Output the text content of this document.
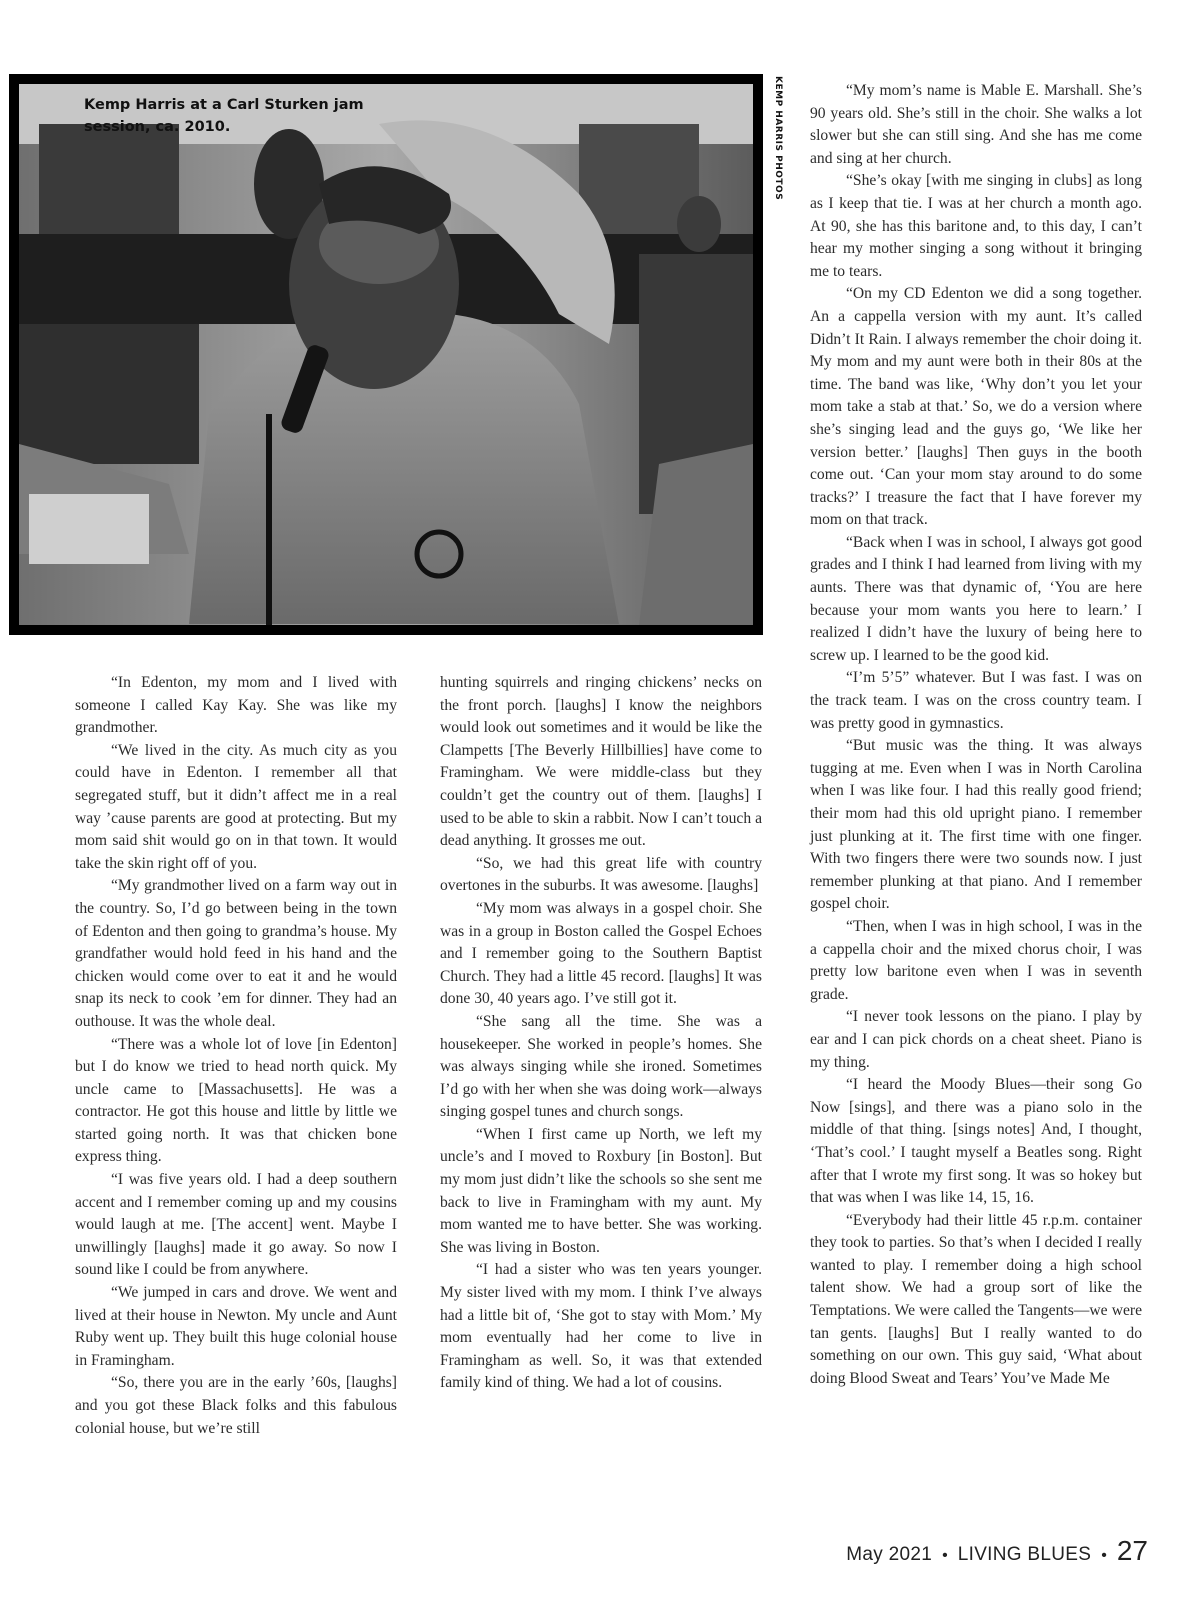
Kemp Harris at a Carl Sturken jam session, ca. 2010.	KEMP HARRIS PHOTOS

“In Edenton, my mom and I lived with someone I called Kay Kay. She was like my grandmother.

“We lived in the city. As much city as you could have in Edenton. I remember all that segregated stuff, but it didn’t affect me in a real way ’cause parents are good at protecting. But my mom said shit would go on in that town. It would take the skin right off of you.

“My grandmother lived on a farm way out in the country. So, I’d go between being in the town of Edenton and then going to grandma’s house. My grandfather would hold feed in his hand and the chicken would come over to eat it and he would snap its neck to cook ’em for dinner. They had an outhouse. It was the whole deal.

“There was a whole lot of love [in Edenton] but I do know we tried to head north quick. My uncle came to [Massachusetts]. He was a contractor. He got this house and little by little we started going north. It was that chicken bone express thing.

“I was five years old. I had a deep southern accent and I remember coming up and my cousins would laugh at me. [The accent] went. Maybe I unwillingly [laughs] made it go away. So now I sound like I could be from anywhere.

“We jumped in cars and drove. We went and lived at their house in Newton. My uncle and Aunt Ruby went up. They built this huge colonial house in Framingham.

“So, there you are in the early ’60s, [laughs] and you got these Black folks and this fabulous colonial house, but we’re still

hunting squirrels and ringing chickens’ necks on the front porch. [laughs] I know the neighbors would look out sometimes and it would be like the Clampetts [The Beverly Hillbillies] have come to Framingham. We were middle-class but they couldn’t get the country out of them. [laughs] I used to be able to skin a rabbit. Now I can’t touch a dead anything. It grosses me out.

“So, we had this great life with country overtones in the suburbs. It was awesome. [laughs]

“My mom was always in a gospel choir. She was in a group in Boston called the Gospel Echoes and I remember going to the Southern Baptist Church. They had a little 45 record. [laughs] It was done 30, 40 years ago. I’ve still got it.

“She sang all the time. She was a housekeeper. She worked in people’s homes. She was always singing while she ironed. Sometimes I’d go with her when she was doing work—always singing gospel tunes and church songs.

“When I first came up North, we left my uncle’s and I moved to Roxbury [in Boston]. But my mom just didn’t like the schools so she sent me back to live in Framingham with my aunt. My mom wanted me to have better. She was working. She was living in Boston.

“I had a sister who was ten years younger. My sister lived with my mom. I think I’ve always had a little bit of, ‘She got to stay with Mom.’ My mom eventually had her come to live in Framingham as well. So, it was that extended family kind of thing. We had a lot of cousins.

“My mom’s name is Mable E. Marshall. She’s 90 years old. She’s still in the choir. She walks a lot slower but she can still sing. And she has me come and sing at her church.

“She’s okay [with me singing in clubs] as long as I keep that tie. I was at her church a month ago. At 90, she has this baritone and, to this day, I can’t hear my mother singing a song without it bringing me to tears.

“On my CD Edenton we did a song together. An a cappella version with my aunt. It’s called Didn’t It Rain. I always remember the choir doing it. My mom and my aunt were both in their 80s at the time. The band was like, ‘Why don’t you let your mom take a stab at that.’ So, we do a version where she’s singing lead and the guys go, ‘We like her version better.’ [laughs] Then guys in the booth come out. ‘Can your mom stay around to do some tracks?’ I treasure the fact that I have forever my mom on that track.

“Back when I was in school, I always got good grades and I think I had learned from living with my aunts. There was that dynamic of, ‘You are here because your mom wants you here to learn.’ I realized I didn’t have the luxury of being here to screw up. I learned to be the good kid.

“I’m 5’5” whatever. But I was fast. I was on the track team. I was on the cross country team. I was pretty good in gymnastics.

“But music was the thing. It was always tugging at me. Even when I was in North Carolina when I was like four. I had this really good friend; their mom had this old upright piano. I remember just plunking at it. The first time with one finger. With two fingers there were two sounds now. I just remember plunking at that piano. And I remember gospel choir.

“Then, when I was in high school, I was in the a cappella choir and the mixed chorus choir, I was pretty low baritone even when I was in seventh grade.

“I never took lessons on the piano. I play by ear and I can pick chords on a cheat sheet. Piano is my thing.

“I heard the Moody Blues—their song Go Now [sings], and there was a piano solo in the middle of that thing. [sings notes] And, I thought, ‘That’s cool.’ I taught myself a Beatles song. Right after that I wrote my first song. It was so hokey but that was when I was like 14, 15, 16.

“Everybody had their little 45 r.p.m. container they took to parties. So that’s when I decided I really wanted to play. I remember doing a high school talent show. We had a group sort of like the Temptations. We were called the Tangents—we were tan gents. [laughs] But I really wanted to do something on our own. This guy said, ‘What about doing Blood Sweat and Tears’ You’ve Made Me

May 2021 • LIVING BLUES • 27
